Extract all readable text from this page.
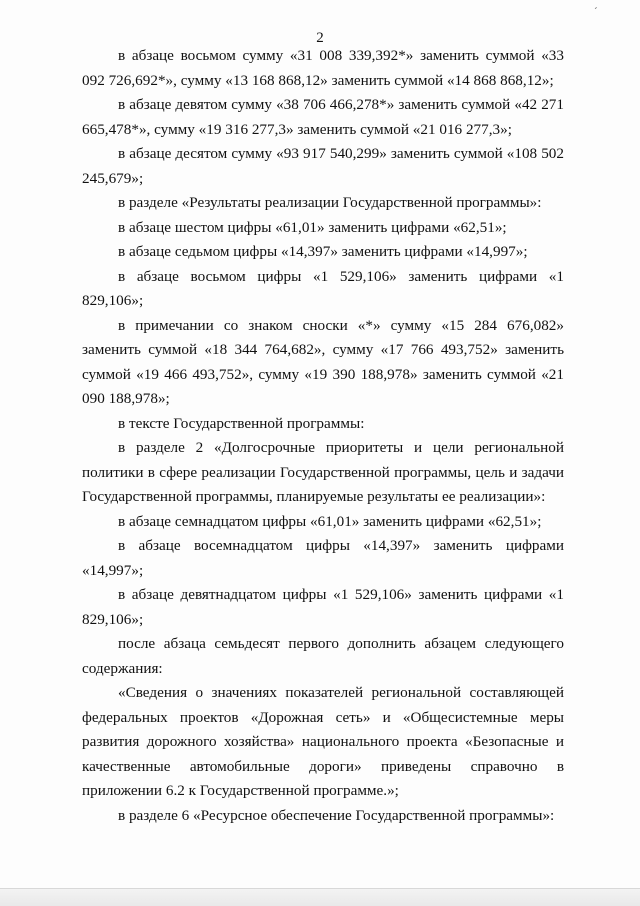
´
2

в абзаце восьмом сумму «31 008 339,392*» заменить суммой «33 092 726,692*», сумму «13 168 868,12» заменить суммой «14 868 868,12»;

в абзаце девятом сумму «38 706 466,278*» заменить суммой «42 271 665,478*», сумму «19 316 277,3» заменить суммой «21 016 277,3»;

в абзаце десятом сумму «93 917 540,299» заменить суммой «108 502 245,679»;

в разделе «Результаты реализации Государственной программы»:

в абзаце шестом цифры «61,01» заменить цифрами «62,51»;

в абзаце седьмом цифры «14,397» заменить цифрами «14,997»;

в абзаце восьмом цифры «1 529,106» заменить цифрами «1 829,106»;

в примечании со знаком сноски «*» сумму «15 284 676,082» заменить суммой «18 344 764,682», сумму «17 766 493,752» заменить суммой «19 466 493,752», сумму «19 390 188,978» заменить суммой «21 090 188,978»;

в тексте Государственной программы:

в разделе 2 «Долгосрочные приоритеты и цели региональной политики в сфере реализации Государственной программы, цель и задачи Государственной программы, планируемые результаты ее реализации»:

в абзаце семнадцатом цифры «61,01» заменить цифрами «62,51»;

в абзаце восемнадцатом цифры «14,397» заменить цифрами «14,997»;

в абзаце девятнадцатом цифры «1 529,106» заменить цифрами «1 829,106»;

после абзаца семьдесят первого дополнить абзацем следующего содержания:

«Сведения о значениях показателей региональной составляющей федеральных проектов «Дорожная сеть» и «Общесистемные меры развития дорожного хозяйства» национального проекта «Безопасные и качественные автомобильные дороги» приведены справочно в приложении 6.2 к Государственной программе.»;

в разделе 6 «Ресурсное обеспечение Государственной программы»:
